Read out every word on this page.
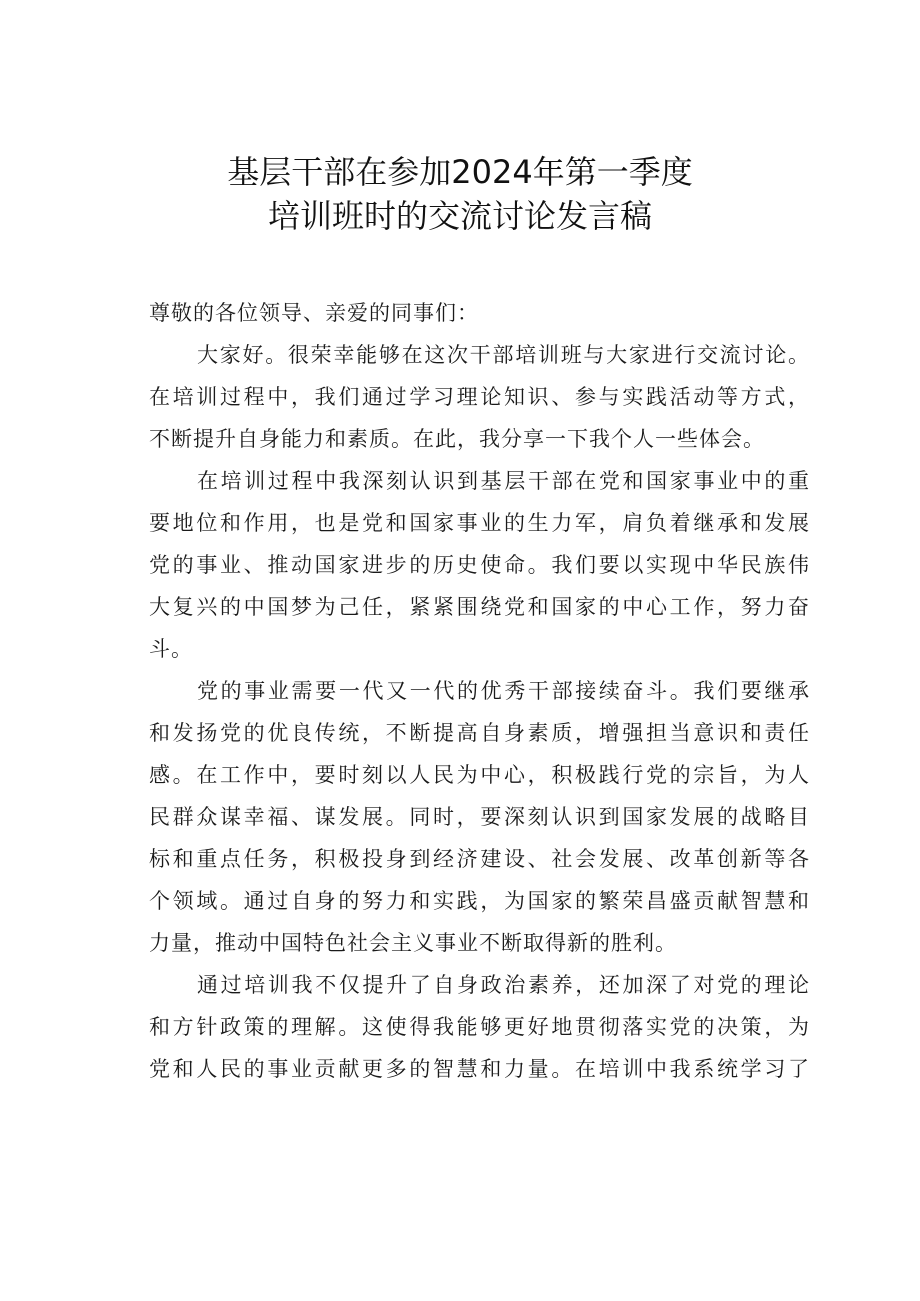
基层干部在参加2024年第一季度
培训班时的交流讨论发言稿

尊敬的各位领导、亲爱的同事们：

大家好。很荣幸能够在这次干部培训班与大家进行交流讨论。
在培训过程中，我们通过学习理论知识、参与实践活动等方式，
不断提升自身能力和素质。在此，我分享一下我个人一些体会。
在培训过程中我深刻认识到基层干部在党和国家事业中的重
要地位和作用，也是党和国家事业的生力军，肩负着继承和发展
党的事业、推动国家进步的历史使命。我们要以实现中华民族伟
大复兴的中国梦为己任，紧紧围绕党和国家的中心工作，努力奋
斗。
党的事业需要一代又一代的优秀干部接续奋斗。我们要继承
和发扬党的优良传统，不断提高自身素质，增强担当意识和责任
感。在工作中，要时刻以人民为中心，积极践行党的宗旨，为人
民群众谋幸福、谋发展。同时，要深刻认识到国家发展的战略目
标和重点任务，积极投身到经济建设、社会发展、改革创新等各
个领域。通过自身的努力和实践，为国家的繁荣昌盛贡献智慧和
力量，推动中国特色社会主义事业不断取得新的胜利。
通过培训我不仅提升了自身政治素养，还加深了对党的理论
和方针政策的理解。这使得我能够更好地贯彻落实党的决策，为
党和人民的事业贡献更多的智慧和力量。在培训中我系统学习了
